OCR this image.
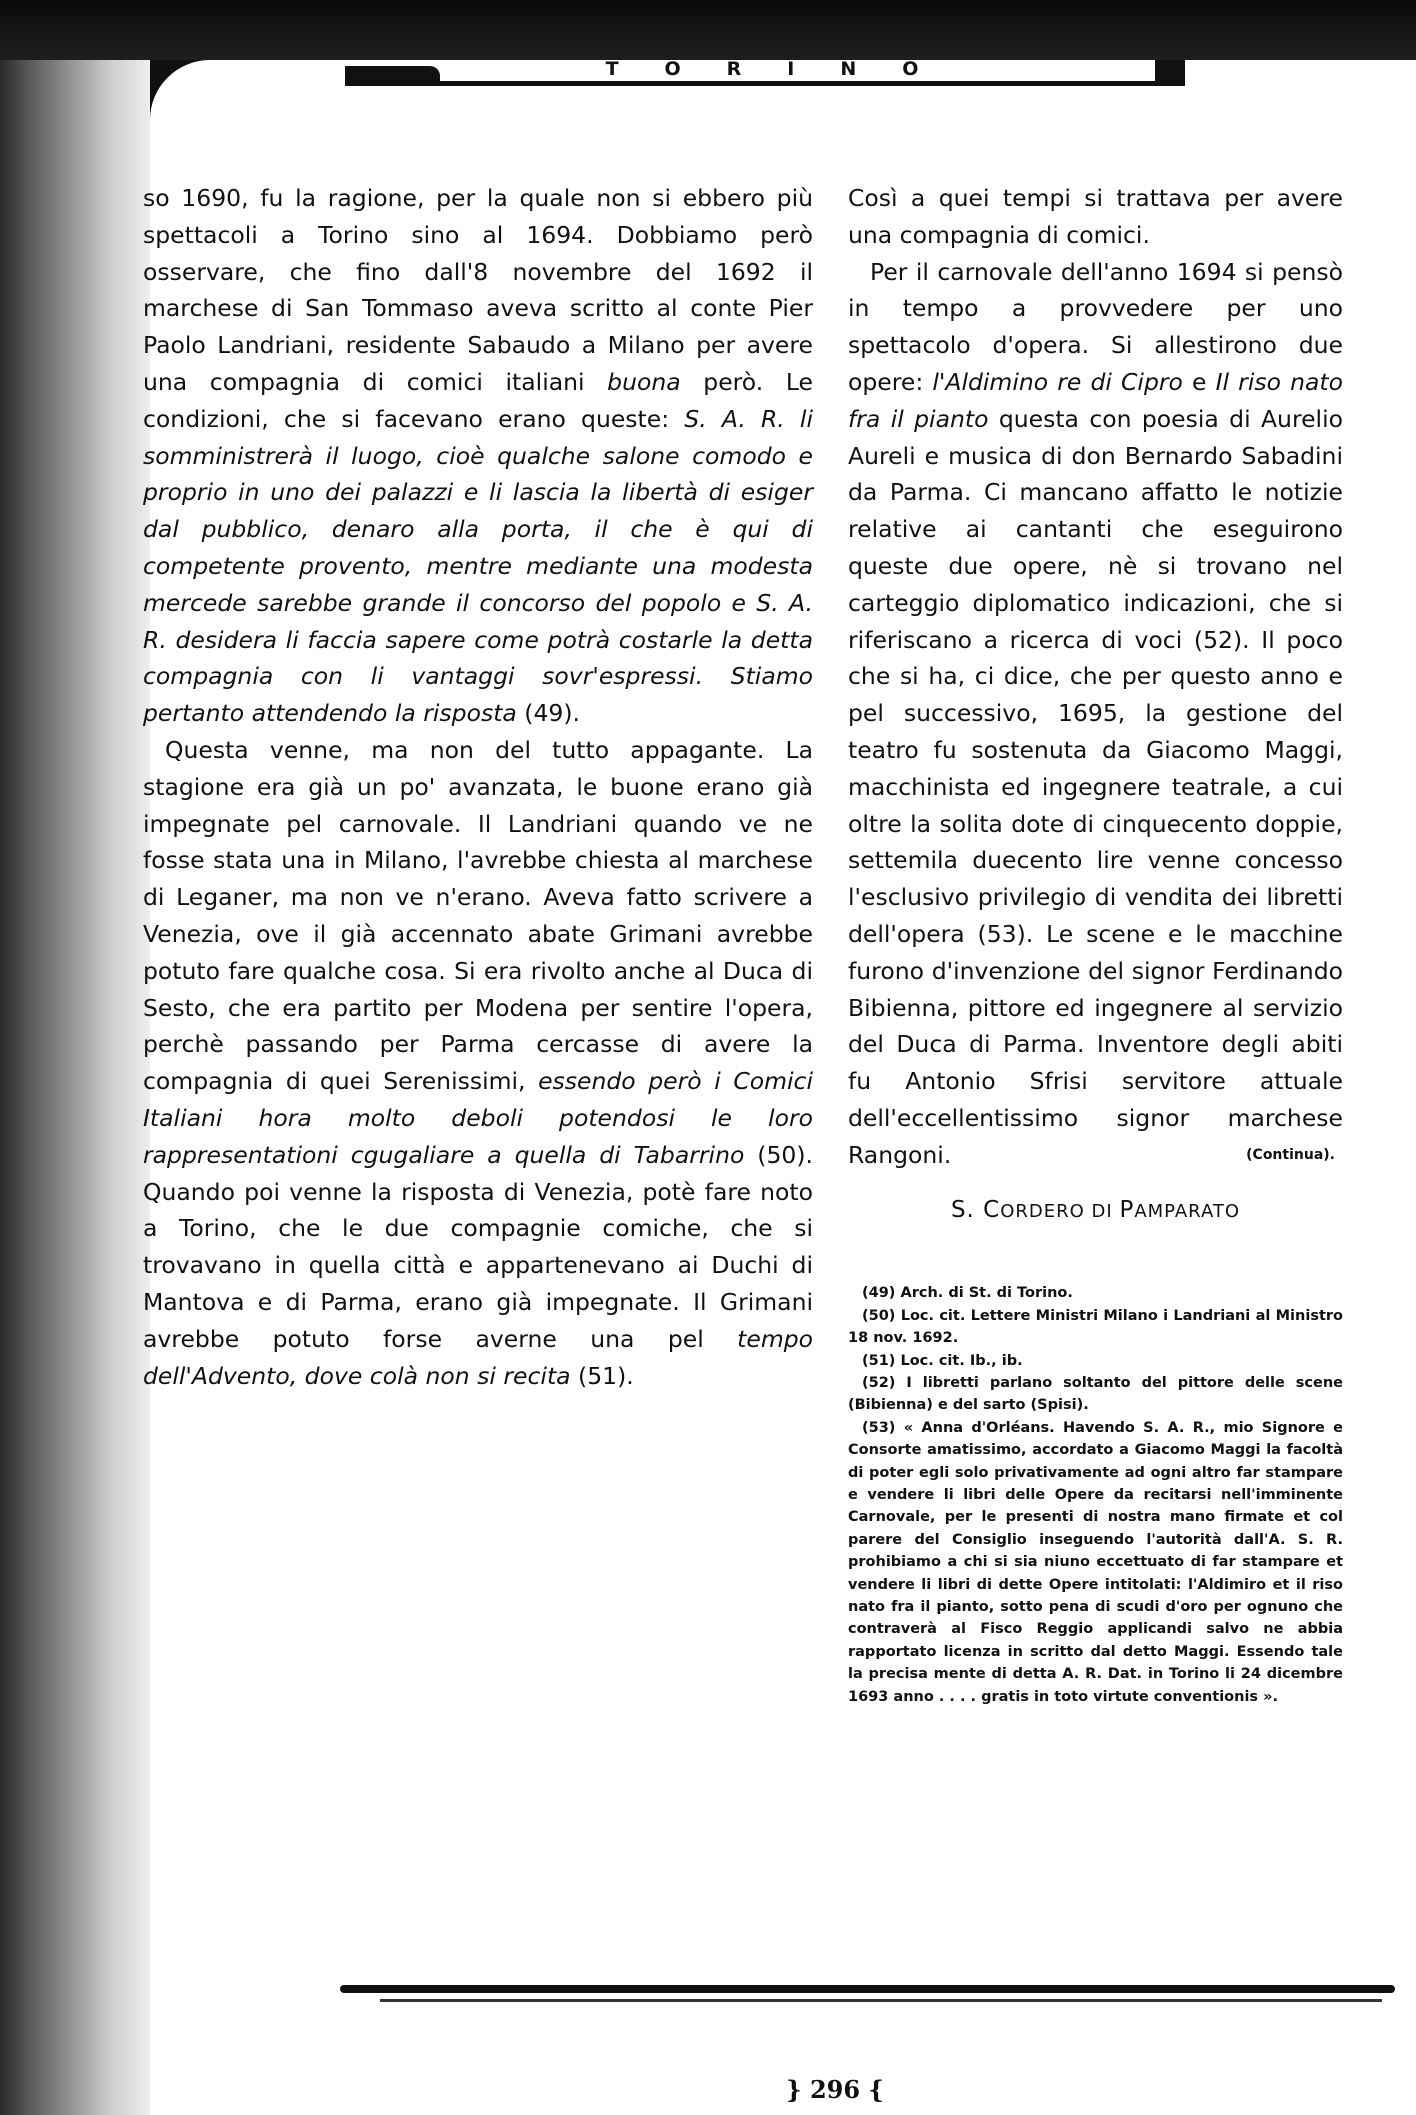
TORINO

so 1690, fu la ragione, per la quale non si ebbero più spettacoli a Torino sino al 1694. Dobbiamo però osservare, che fino dall'8 novembre del 1692 il marchese di San Tommaso aveva scritto al conte Pier Paolo Landriani, residente Sabaudo a Milano per avere una compagnia di comici italiani buona però. Le condizioni, che si facevano erano queste: S. A. R. li somministrerà il luogo, cioè qualche salone comodo e proprio in uno dei palazzi e li lascia la libertà di esiger dal pubblico, denaro alla porta, il che è qui di competente provento, mentre mediante una modesta mercede sarebbe grande il concorso del popolo e S. A. R. desidera li faccia sapere come potrà costarle la detta compagnia con li vantaggi sovr'espressi. Stiamo pertanto attendendo la risposta (49).

Questa venne, ma non del tutto appagante. La stagione era già un po' avanzata, le buone erano già impegnate pel carnovale. Il Landriani quando ve ne fosse stata una in Milano, l'avrebbe chiesta al marchese di Leganer, ma non ve n'erano. Aveva fatto scrivere a Venezia, ove il già accennato abate Grimani avrebbe potuto fare qualche cosa. Si era rivolto anche al Duca di Sesto, che era partito per Modena per sentire l'opera, perchè passando per Parma cercasse di avere la compagnia di quei Serenissimi, essendo però i Comici Italiani hora molto deboli potendosi le loro rappresentationi cgugaliare a quella di Tabarrino (50). Quando poi venne la risposta di Venezia, potè fare noto a Torino, che le due compagnie comiche, che si trovavano in quella città e appartenevano ai Duchi di Mantova e di Parma, erano già impegnate. Il Grimani avrebbe potuto forse averne una pel tempo dell'Advento, dove colà non si recita (51).

Così a quei tempi si trattava per avere una compagnia di comici.

Per il carnovale dell'anno 1694 si pensò in tempo a provvedere per uno spettacolo d'opera. Si allestirono due opere: l'Aldimino re di Cipro e Il riso nato fra il pianto questa con poesia di Aurelio Aureli e musica di don Bernardo Sabadini da Parma. Ci mancano affatto le notizie relative ai cantanti che eseguirono queste due opere, nè si trovano nel carteggio diplomatico indicazioni, che si riferiscano a ricerca di voci (52). Il poco che si ha, ci dice, che per questo anno e pel successivo, 1695, la gestione del teatro fu sostenuta da Giacomo Maggi, macchinista ed ingegnere teatrale, a cui oltre la solita dote di cinquecento doppie, settemila duecento lire venne concesso l'esclusivo privilegio di vendita dei libretti dell'opera (53). Le scene e le macchine furono d'invenzione del signor Ferdinando Bibienna, pittore ed ingegnere al servizio del Duca di Parma. Inventore degli abiti fu Antonio Sfrisi servitore attuale dell'eccellentissimo signor marchese Rangoni.	(Continua).

S. CORDERO DI PAMPARATO

(49) Arch. di St. di Torino.

(50) Loc. cit. Lettere Ministri Milano i Landriani al Ministro 18 nov. 1692.

(51) Loc. cit. Ib., ib.

(52) I libretti parlano soltanto del pittore delle scene (Bibienna) e del sarto (Spisi).

(53) « Anna d'Orléans. Havendo S. A. R., mio Signore e Consorte amatissimo, accordato a Giacomo Maggi la facoltà di poter egli solo privativamente ad ogni altro far stampare e vendere li libri delle Opere da recitarsi nell'imminente Carnovale, per le presenti di nostra mano firmate et col parere del Consiglio inseguendo l'autorità dall'A. S. R. prohibiamo a chi si sia niuno eccettuato di far stampare et vendere li libri di dette Opere intitolati: l'Aldimiro et il riso nato fra il pianto, sotto pena di scudi d'oro per ognuno che contraverà al Fisco Reggio applicandi salvo ne abbia rapportato licenza in scritto dal detto Maggi. Essendo tale la precisa mente di detta A. R. Dat. in Torino li 24 dicembre 1693 anno . . . . gratis in toto virtute conventionis ».

} 296 {
